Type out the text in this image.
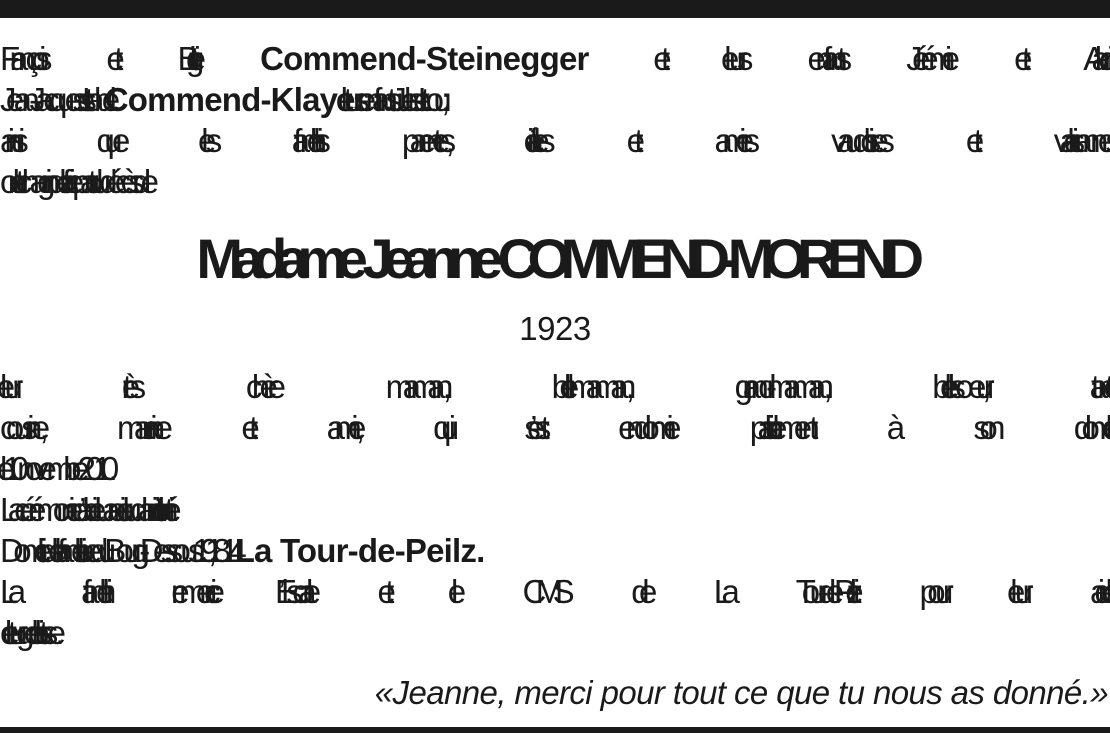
François et Brigitte Commend-Steinegger et leurs enfants Jérémie et Aladin;
Jean-Jacques et Isabel Commend-Klay et leurs enfants Jules et Lou;
ainsi que les familles parentes, alliées et amies vaudoises et valaisannes,
ont le chagrin de faire part du décès de
Madame Jeanne COMMEND-MOREND
1923
leur très chère maman, belle-maman, grand-maman, belle-sœur, tante,
cousine, marraine et amie, qui s’est endormie paisiblement à son domicile
le 10 novembre 2010.
La cérémonie d’adieu a eu lieu dans l’intimité.
Domicile de la famille: rue du Bourg-Dessous 19, 1814 La Tour-de-Peilz.
La famille remercie l’Escale et le CMS de La Tour-de-Peilz pour leur aide
et leur gentillesse.
«Jeanne, merci pour tout ce que tu nous as donné.»
